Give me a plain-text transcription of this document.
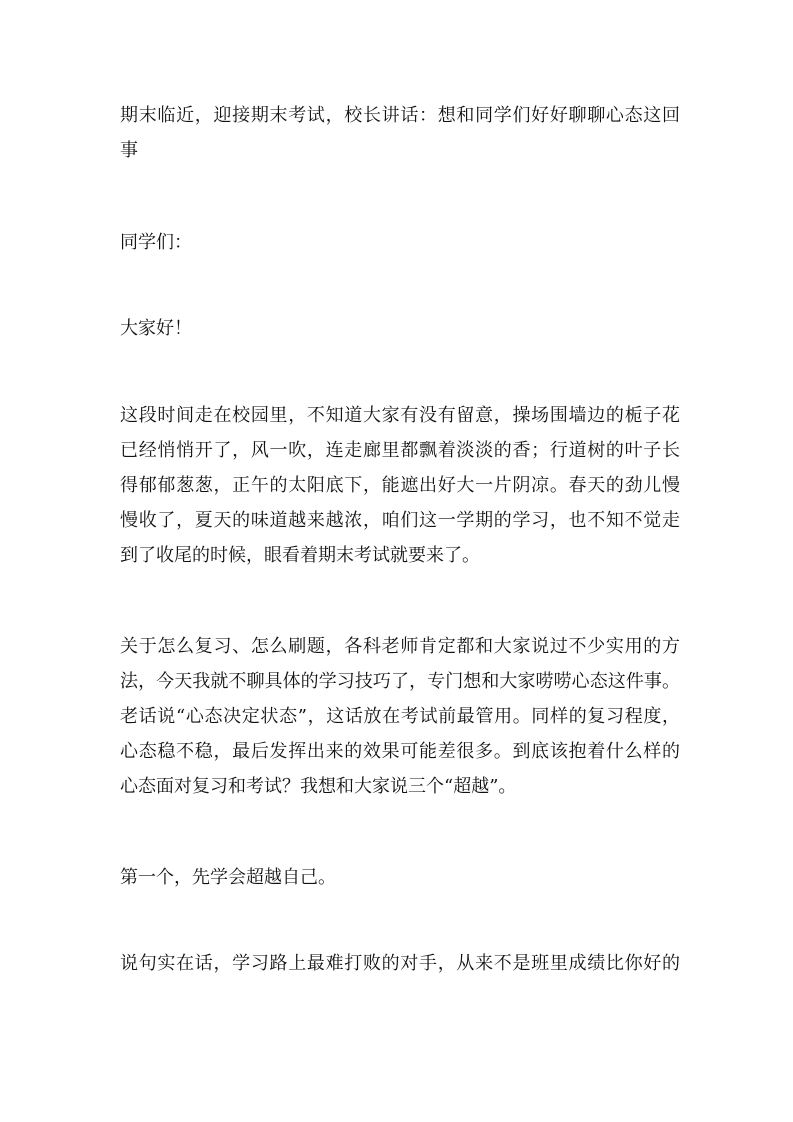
期末临近，迎接期末考试，校长讲话：想和同学们好好聊聊心态这回
事
同学们：
大家好！
这段时间走在校园里，不知道大家有没有留意，操场围墙边的栀子花
已经悄悄开了，风一吹，连走廊里都飘着淡淡的香；行道树的叶子长
得郁郁葱葱，正午的太阳底下，能遮出好大一片阴凉。春天的劲儿慢
慢收了，夏天的味道越来越浓，咱们这一学期的学习，也不知不觉走
到了收尾的时候，眼看着期末考试就要来了。
关于怎么复习、怎么刷题，各科老师肯定都和大家说过不少实用的方
法，今天我就不聊具体的学习技巧了，专门想和大家唠唠心态这件事。
老话说“心态决定状态”，这话放在考试前最管用。同样的复习程度，
心态稳不稳，最后发挥出来的效果可能差很多。到底该抱着什么样的
心态面对复习和考试？我想和大家说三个“超越”。
第一个，先学会超越自己。
说句实在话，学习路上最难打败的对手，从来不是班里成绩比你好的
